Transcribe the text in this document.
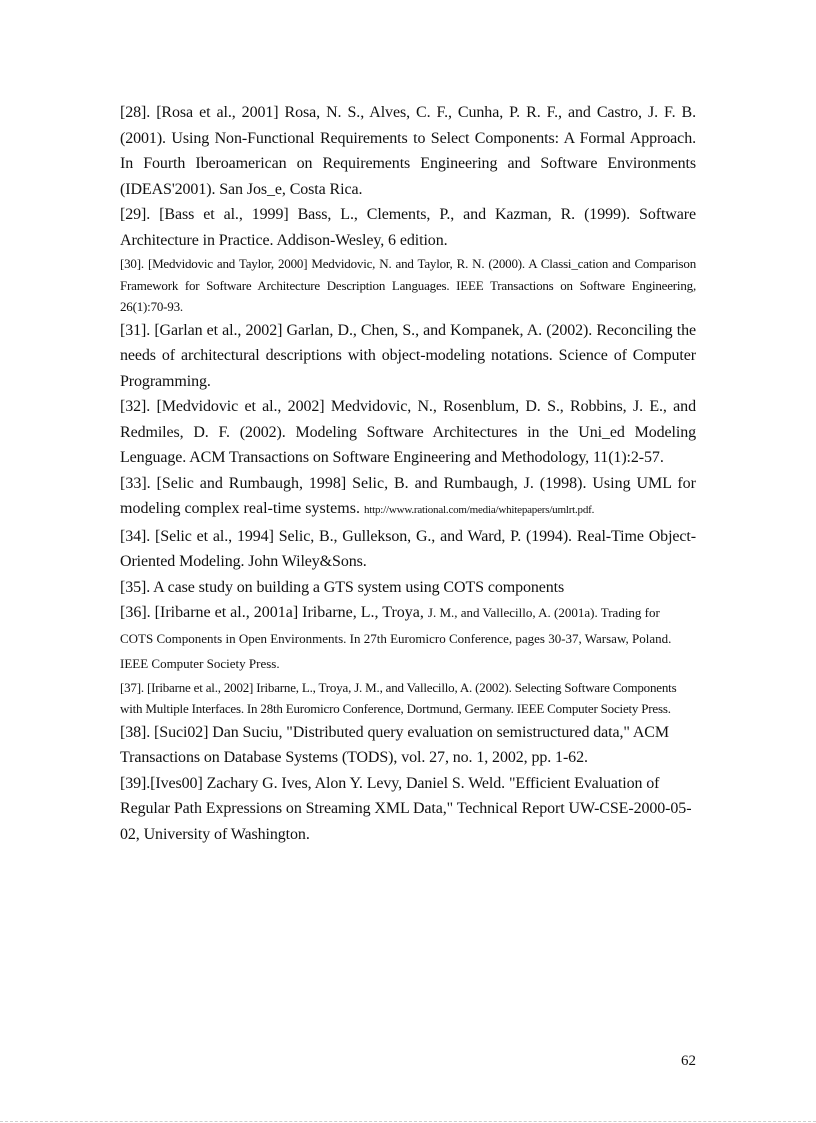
[28]. [Rosa et al., 2001] Rosa, N. S., Alves, C. F., Cunha, P. R. F., and Castro, J. F. B. (2001). Using Non-Functional Requirements to Select Components: A Formal Approach. In Fourth Iberoamerican on Requirements Engineering and Software Environments (IDEAS'2001). San Jos_e, Costa Rica.

[29]. [Bass et al., 1999] Bass, L., Clements, P., and Kazman, R. (1999). Software Architecture in Practice. Addison-Wesley, 6 edition.

[30]. [Medvidovic and Taylor, 2000] Medvidovic, N. and Taylor, R. N. (2000). A Classi_cation and Comparison Framework for Software Architecture Description Languages. IEEE Transactions on Software Engineering, 26(1):70-93.

[31]. [Garlan et al., 2002] Garlan, D., Chen, S., and Kompanek, A. (2002). Reconciling the needs of architectural descriptions with object-modeling notations. Science of Computer Programming.

[32]. [Medvidovic et al., 2002] Medvidovic, N., Rosenblum, D. S., Robbins, J. E., and Redmiles, D. F. (2002). Modeling Software Architectures in the Uni_ed Modeling Lenguage. ACM Transactions on Software Engineering and Methodology, 11(1):2-57.

[33]. [Selic and Rumbaugh, 1998] Selic, B. and Rumbaugh, J. (1998). Using UML for modeling complex real-time systems. http://www.rational.com/media/whitepapers/umlrt.pdf.

[34]. [Selic et al., 1994] Selic, B., Gullekson, G., and Ward, P. (1994). Real-Time Object-Oriented Modeling. John Wiley&Sons.

[35]. A case study on building a GTS system using COTS components

[36]. [Iribarne et al., 2001a] Iribarne, L., Troya, J. M., and Vallecillo, A. (2001a). Trading for COTS Components in Open Environments. In 27th Euromicro Conference, pages 30-37, Warsaw, Poland. IEEE Computer Society Press.

[37]. [Iribarne et al., 2002] Iribarne, L., Troya, J. M., and Vallecillo, A. (2002). Selecting Software Components with Multiple Interfaces. In 28th Euromicro Conference, Dortmund, Germany. IEEE Computer Society Press.

[38]. [Suci02] Dan Suciu, "Distributed query evaluation on semistructured data," ACM Transactions on Database Systems (TODS), vol. 27, no. 1, 2002, pp. 1-62.

[39].[Ives00] Zachary G. Ives, Alon Y. Levy, Daniel S. Weld. "Efficient Evaluation of Regular Path Expressions on Streaming XML Data," Technical Report UW-CSE-2000-05-02, University of Washington.

62
